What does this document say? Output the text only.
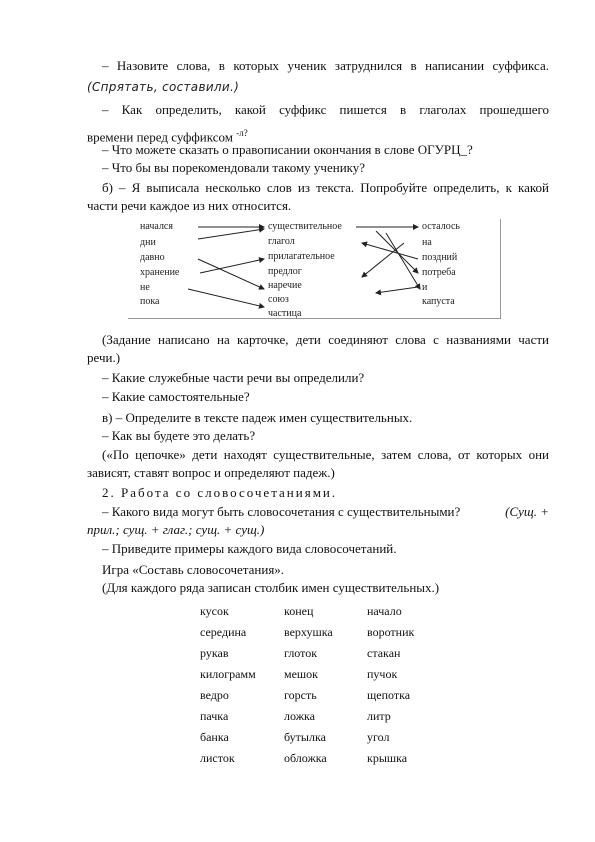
– Назовите слова, в которых ученик затруднился в написании суффикса.
(Спрятать, составили.)
– Как определить, какой суффикс пишется в глаголах прошедшего
времени перед суффиксом $^{-л?}$
– Что можете сказать о правописании окончания в слове ОГУРЦ_?
– Что бы вы порекомендовали такому ученику?
б) – Я выписала несколько слов из текста. Попробуйте определить, к какой
части речи каждое из них относится.
начался
дни
давно
хранение
не
пока
существительное
глагол
прилагательное
предлог
наречие
союз
частица
осталось
на
поздний
потреба
и
капуста
(Задание написано на карточке, дети соединяют слова с названиями части
речи.)
– Какие служебные части речи вы определили?
– Какие самостоятельные?
в) – Определите в тексте падеж имен существительных.
– Как вы будете это делать?
(«По цепочке» дети находят существительные, затем слова, от которых они
зависят, ставят вопрос и определяют падеж.)
2. Работа со словосочетаниями.
– Какого вида могут быть словосочетания с существительными?	(Сущ. +
прил.; сущ. + глаг.; сущ. + сущ.)
– Приведите примеры каждого вида словосочетаний.
Игра «Составь словосочетания».
(Для каждого ряда записан столбик имен существительных.)
кусок
середина
рукав
килограмм
ведро
пачка
банка
листок
конец
верхушка
глоток
мешок
горсть
ложка
бутылка
обложка
начало
воротник
стакан
пучок
щепотка
литр
угол
крышка
